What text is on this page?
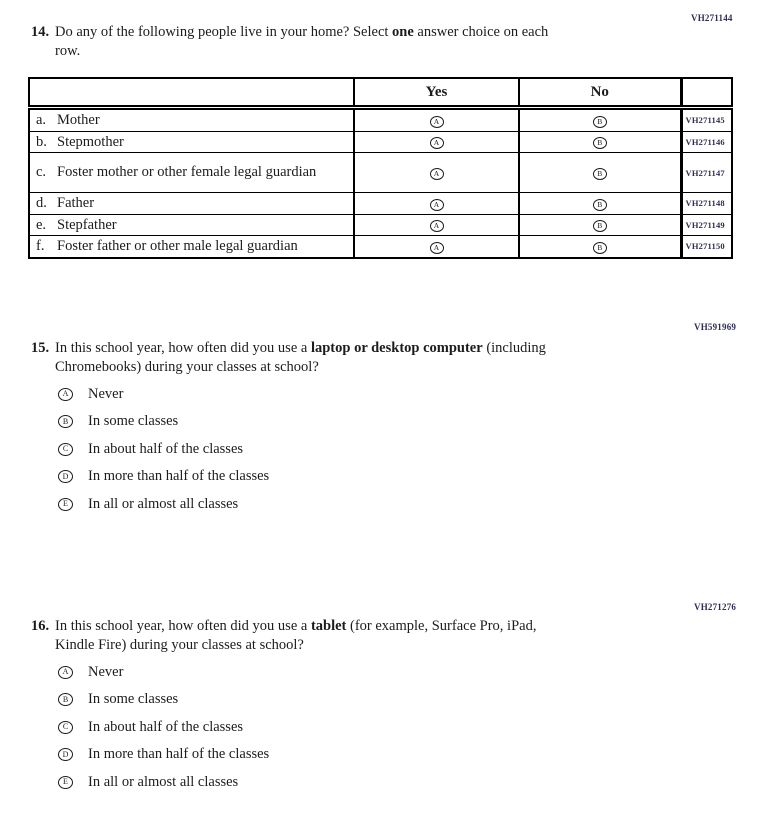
VH271144
14. Do any of the following people live in your home? Select one answer choice on each
row.
	Yes	No	

a. Mother	A	B	VH271145

b. Stepmother	A	B	VH271146

c. Foster mother or other female legal guardian	A	B	VH271147

d. Father	A	B	VH271148

e. Stepfather	A	B	VH271149

f. Foster father or other male legal guardian	A	B	VH271150
VH591969
15. In this school year, how often did you use a laptop or desktop computer (including
Chromebooks) during your classes at school?
A	Never
B	In some classes
C	In about half of the classes
D	In more than half of the classes
E	In all or almost all classes
VH271276
16. In this school year, how often did you use a tablet (for example, Surface Pro, iPad,
Kindle Fire) during your classes at school?
A	Never
B	In some classes
C	In about half of the classes
D	In more than half of the classes
E	In all or almost all classes
